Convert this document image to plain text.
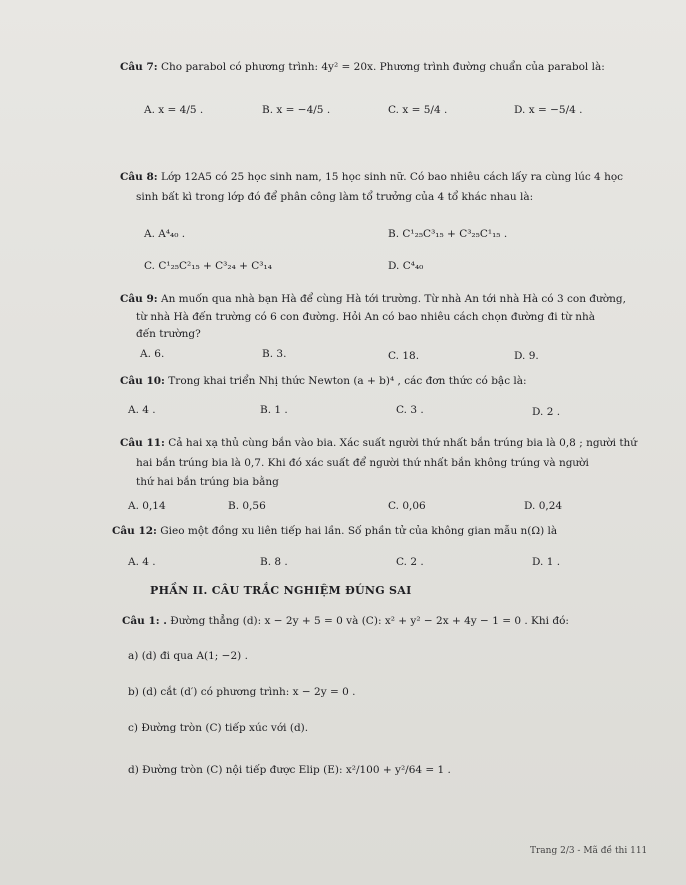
Câu 7: Cho parabol có phương trình: 4y² = 20x. Phương trình đường chuẩn của parabol là:
A. x = 4/5 .	B. x = −4/5 .	C. x = 5/4 .	D. x = −5/4 .
Câu 8: Lớp 12A5 có 25 học sinh nam, 15 học sinh nữ. Có bao nhiêu cách lấy ra cùng lúc 4 học
sinh bất kì trong lớp đó để phân công làm tổ trưởng của 4 tổ khác nhau là:
A. A⁴₄₀ .	B. C¹₂₅C³₁₅ + C³₂₅C¹₁₅ .
C. C¹₂₅C²₁₅ + C³₂₄ + C³₁₄	D. C⁴₄₀
Câu 9: An muốn qua nhà bạn Hà để cùng Hà tới trường. Từ nhà An tới nhà Hà có 3 con đường,
từ nhà Hà đến trường có 6 con đường. Hỏi An có bao nhiêu cách chọn đường đi từ nhà
đến trường?
A. 6.	B. 3.	C. 18.	D. 9.
Câu 10: Trong khai triển Nhị thức Newton (a + b)⁴ , các đơn thức có bậc là:
A. 4 .	B. 1 .	C. 3 .	D. 2 .
Câu 11: Cả hai xạ thủ cùng bắn vào bia. Xác suất người thứ nhất bắn trúng bia là 0,8 ; người thứ
hai bắn trúng bia là 0,7. Khi đó xác suất để người thứ nhất bắn không trúng và người
thứ hai bắn trúng bia bằng
A. 0,14	B. 0,56	C. 0,06	D. 0,24
Câu 12: Gieo một đồng xu liên tiếp hai lần. Số phần tử của không gian mẫu n(Ω) là
A. 4 .	B. 8 .	C. 2 .	D. 1 .
PHẦN II. CÂU TRẮC NGHIỆM ĐÚNG SAI
Câu 1: . Đường thẳng (d): x − 2y + 5 = 0 và (C): x² + y² − 2x + 4y − 1 = 0 . Khi đó:
a) (d) đi qua A(1; −2) .
b) (d) cắt (d′) có phương trình: x − 2y = 0 .
c) Đường tròn (C) tiếp xúc với (d).
d) Đường tròn (C) nội tiếp được Elip (E): x²/100 + y²/64 = 1 .
Trang 2/3 - Mã đề thi 111
